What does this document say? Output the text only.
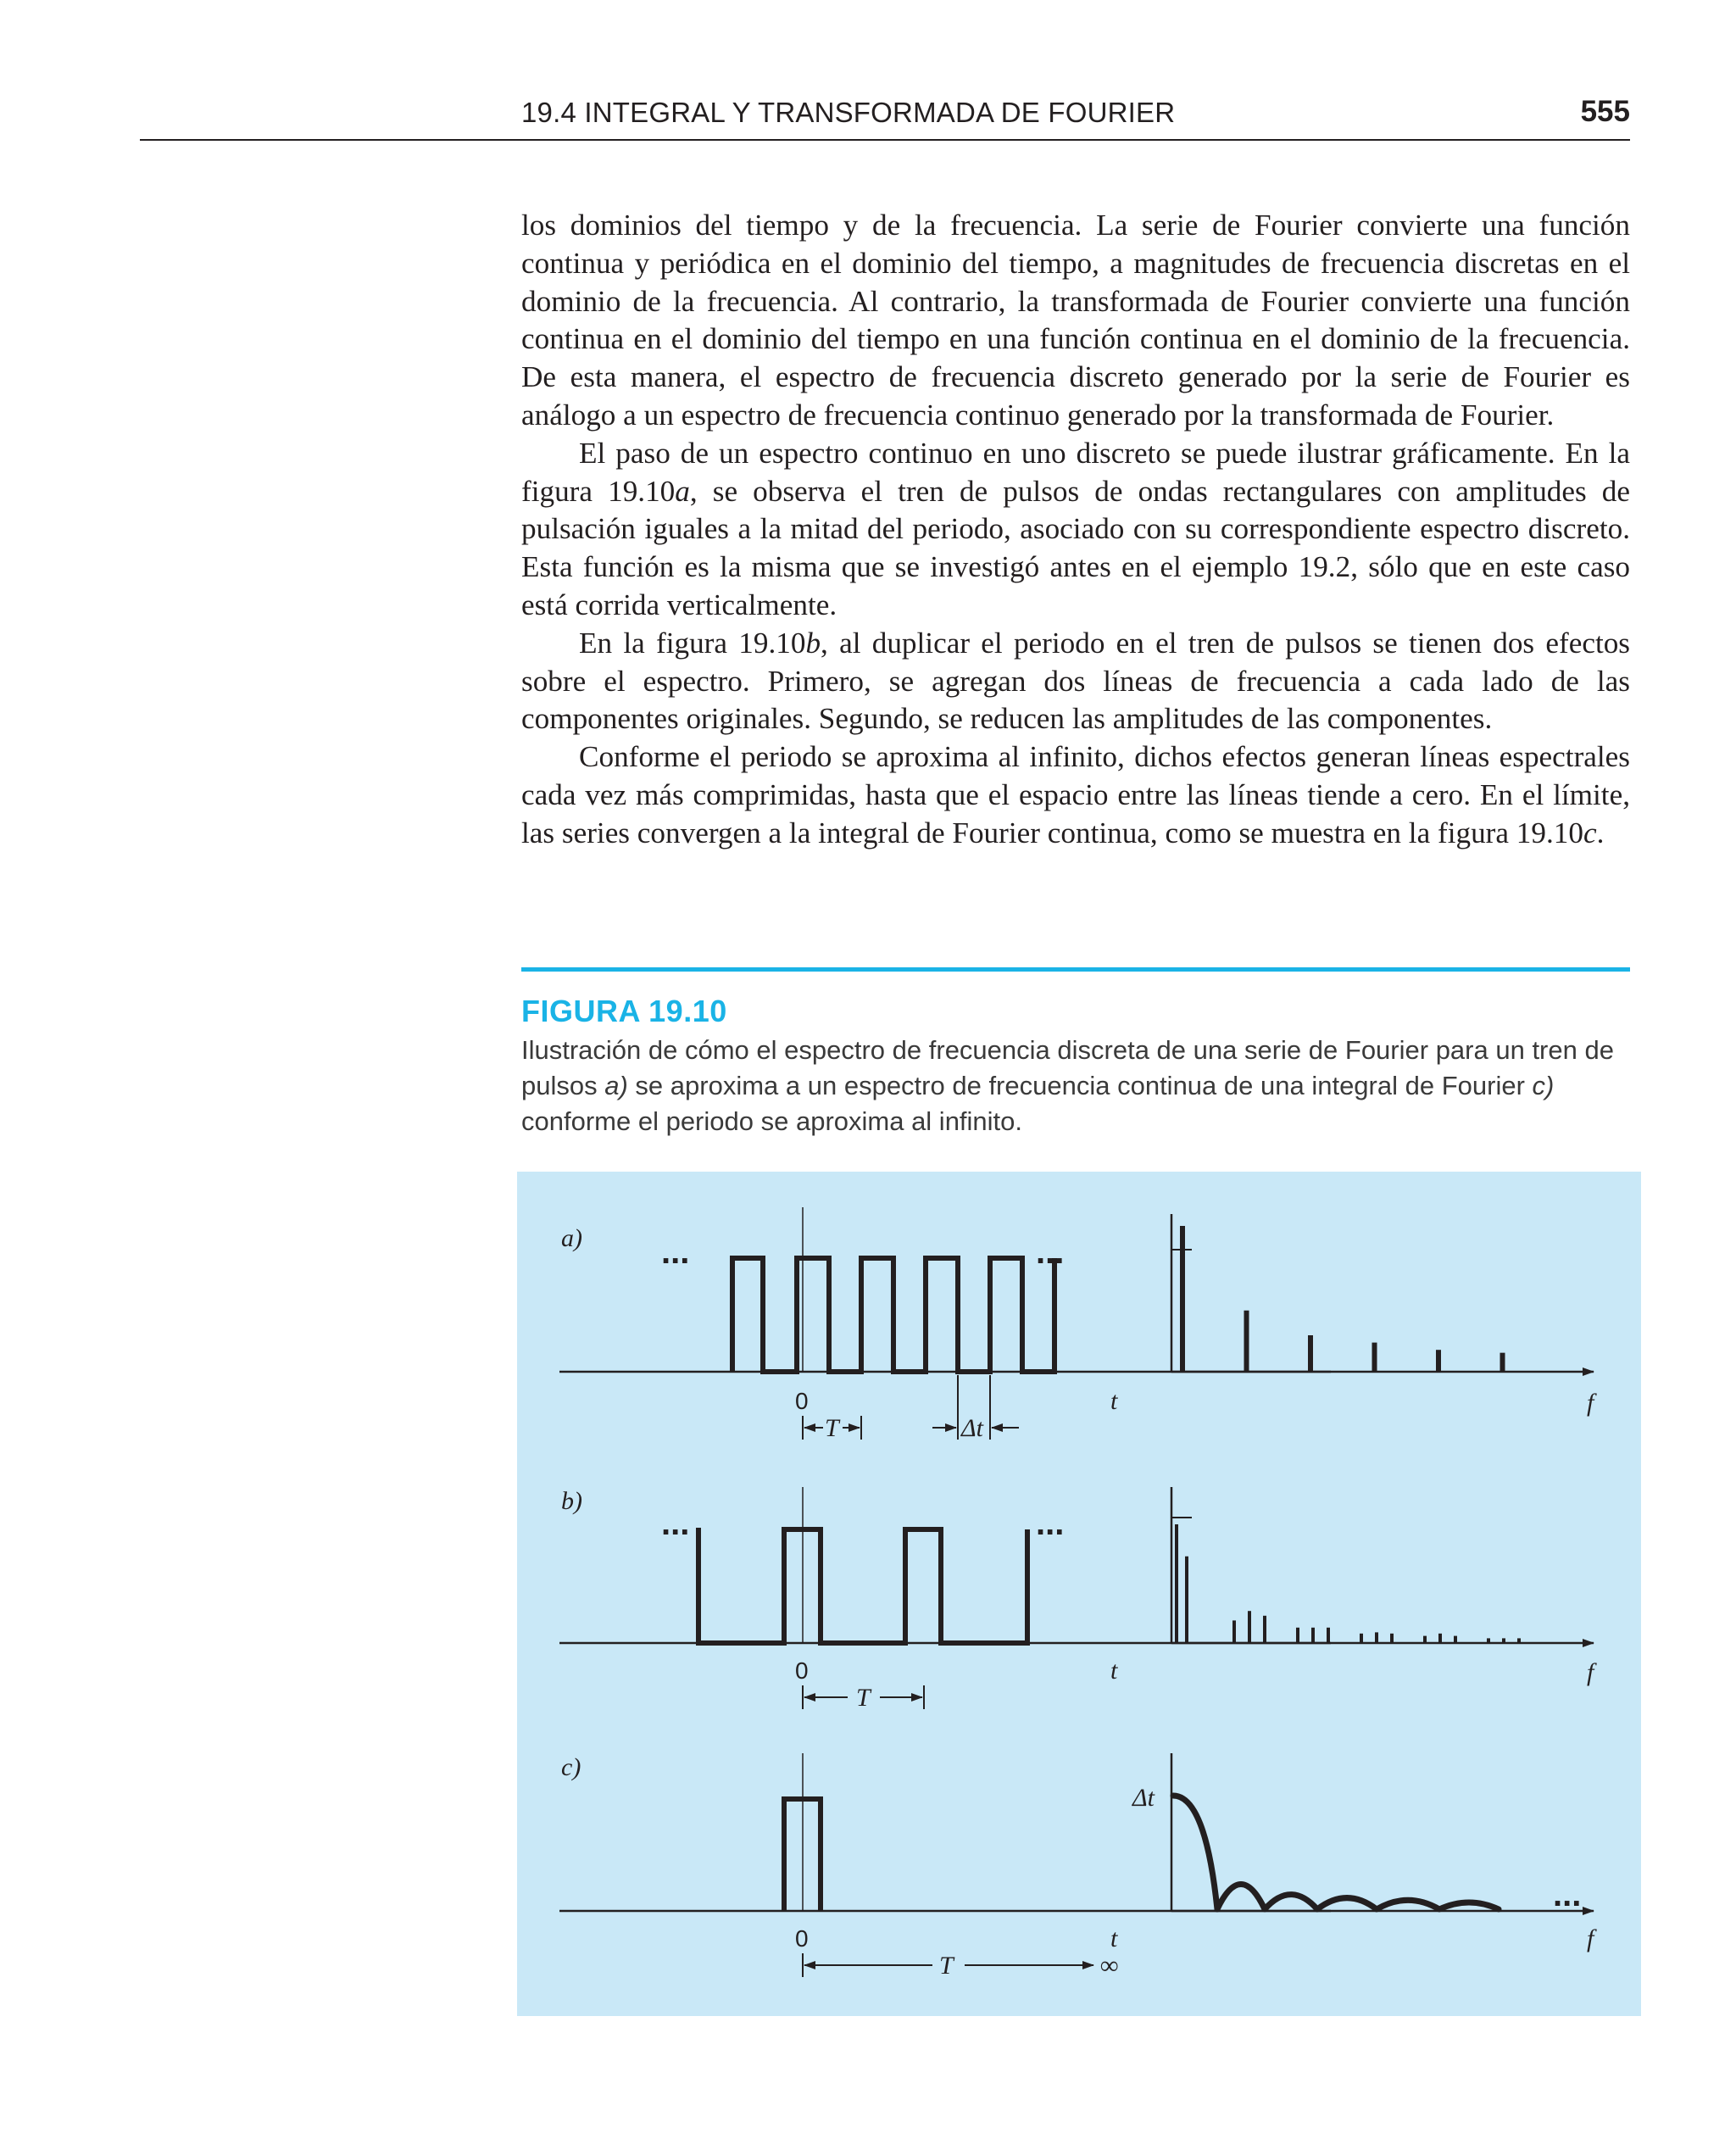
19.4 INTEGRAL Y TRANSFORMADA DE FOURIER	555

los dominios del tiempo y de la frecuencia. La serie de Fourier convierte una función continua y periódica en el dominio del tiempo, a magnitudes de frecuencia discretas en el dominio de la frecuencia. Al contrario, la transformada de Fourier convierte una función continua en el dominio del tiempo en una función continua en el dominio de la frecuencia. De esta manera, el espectro de frecuencia discreto generado por la serie de Fourier es análogo a un espectro de frecuencia continuo generado por la transformada de Fourier.

El paso de un espectro continuo en uno discreto se puede ilustrar gráficamente. En la figura 19.10a, se observa el tren de pulsos de ondas rectangulares con amplitudes de pulsación iguales a la mitad del periodo, asociado con su correspondiente espectro discreto. Esta función es la misma que se investigó antes en el ejemplo 19.2, sólo que en este caso está corrida verticalmente.

En la figura 19.10b, al duplicar el periodo en el tren de pulsos se tienen dos efectos sobre el espectro. Primero, se agregan dos líneas de frecuencia a cada lado de las componentes originales. Segundo, se reducen las amplitudes de las componentes.

Conforme el periodo se aproxima al infinito, dichos efectos generan líneas espectrales cada vez más comprimidas, hasta que el espacio entre las líneas tiende a cero. En el límite, las series convergen a la integral de Fourier continua, como se muestra en la figura 19.10c.

FIGURA 19.10

Ilustración de cómo el espectro de frecuencia discreta de una serie de Fourier para un tren de pulsos a) se aproxima a un espectro de frecuencia continua de una integral de Fourier c) conforme el periodo se aproxima al infinito.

a) ...	...
0	t
T	Δt
f
b)
...	...
0	t
T
f
c)
0	t
T	∞
...
Δt
f
